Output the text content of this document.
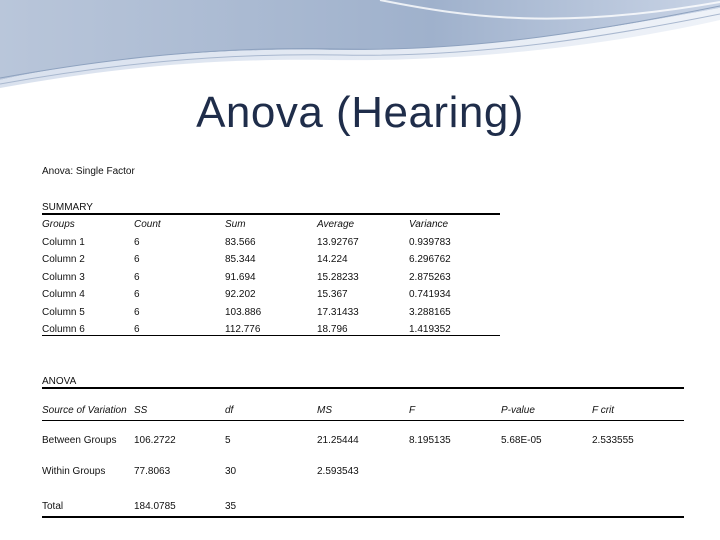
Anova (Hearing)
Anova: Single Factor
SUMMARY
Groups	Count	Sum	Average	Variance
Column 1	6	83.566	13.92767	0.939783
Column 2	6	85.344	14.224	6.296762
Column 3	6	91.694	15.28233	2.875263
Column 4	6	92.202	15.367	0.741934
Column 5	6	103.886	17.31433	3.288165
Column 6	6	112.776	18.796	1.419352
ANOVA
Source of Variation	SS	df	MS	F	P-value	F crit

Between Groups	106.2722	5	21.25444	8.195135	5.68E-05	2.533555
Within Groups	77.8063	30	2.593543			
Total	184.0785	35				
